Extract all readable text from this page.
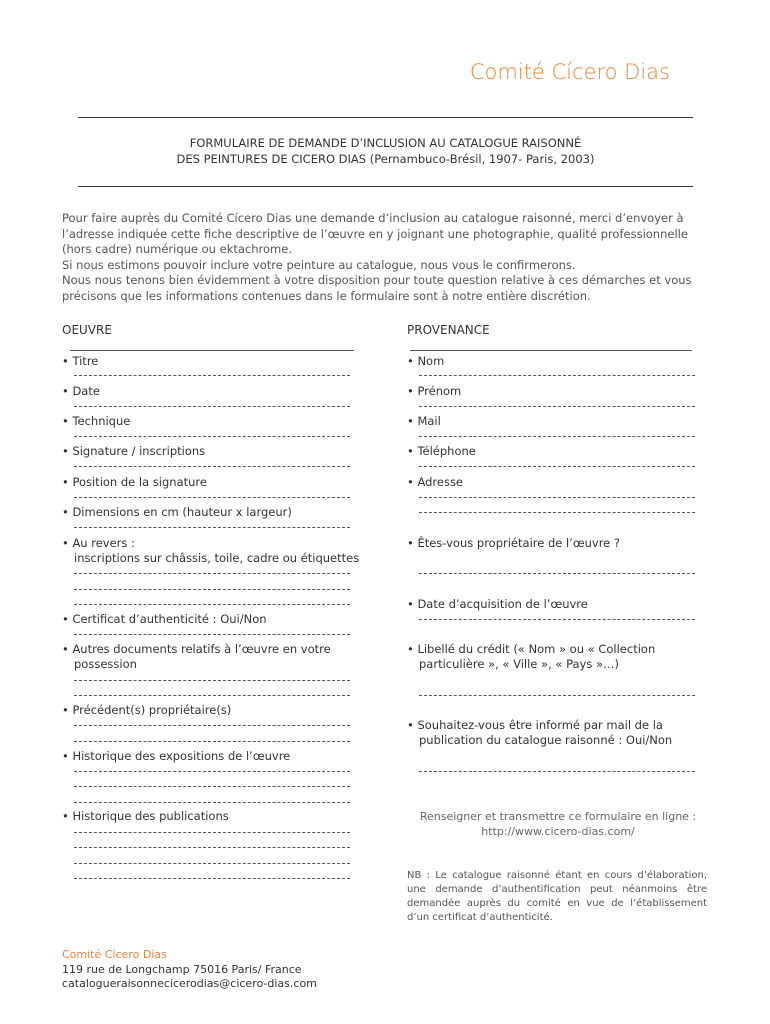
Comité Cícero Dias
FORMULAIRE DE DEMANDE D’INCLUSION AU CATALOGUE RAISONNÉ
DES PEINTURES DE CICERO DIAS (Pernambuco-Brésil, 1907- Paris, 2003)

Pour faire auprès du Comité Cícero Dias une demande d’inclusion au catalogue raisonné, merci d’envoyer à l’adresse indiquée cette fiche descriptive de l’œuvre en y joignant une photographie, qualité professionnelle (hors cadre) numérique ou ektachrome.

Si nous estimons pouvoir inclure votre peinture au catalogue, nous vous le confirmerons.

Nous nous tenons bien évidemment à votre disposition pour toute question relative à ces démarches et vous précisons que les informations contenues dans le formulaire sont à notre entière discrétion.

OEUVRE
• Titre
• Date
• Technique
• Signature / inscriptions
• Position de la signature
• Dimensions en cm (hauteur x largeur)
• Au revers :
inscriptions sur châssis, toile, cadre ou étiquettes
• Certificat d’authenticité : Oui/Non
• Autres documents relatifs à l’œuvre en votre
possession
• Précédent(s) propriétaire(s)
• Historique des expositions de l’œuvre
• Historique des publications
PROVENANCE
• Nom
• Prénom
• Mail
• Téléphone
• Adresse
• Êtes-vous propriétaire de l’œuvre ?
• Date d’acquisition de l’œuvre
• Libellé du crédit (« Nom » ou « Collection
particulière », « Ville », « Pays »…)
• Souhaitez-vous être informé par mail de la
publication du catalogue raisonné : Oui/Non
Renseigner et transmettre ce formulaire en ligne :
http://www.cicero-dias.com/
NB : Le catalogue raisonné étant en cours d’élaboration, une demande d’authentification peut néanmoins être demandée auprès du comité en vue de l’établissement d’un certificat d’authenticité.
Comité Cícero Dias
119 rue de Longchamp 75016 Paris/ France
catalogueraisonnecicerodias@cicero-dias.com
